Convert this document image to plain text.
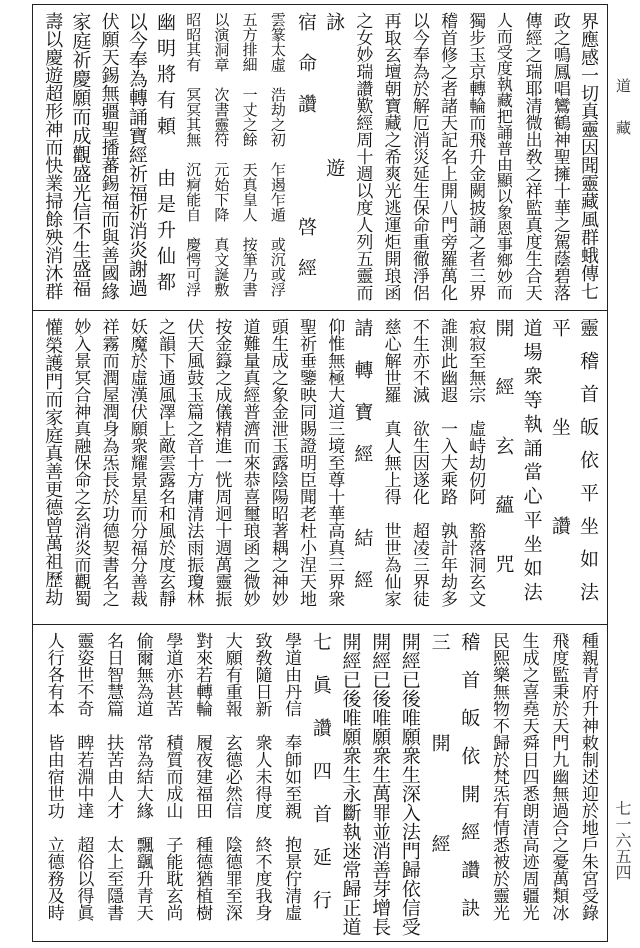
道
藏
七一六五四
界應感一切真靈因聞靈藏風群蛾傳七
政之鳴鳳唱鸞鶴神聖擁十華之駕蔭碧落
傳經之瑞耶清微出敎之祥監真度生合天
人而受度執藏把誦普由顯以象恩事鄉妙而
獨步玉京轉輪而飛升金闕披誦之者三界
稽首修之者諸天記名上開八門旁羅萬化
以今奉為於解厄消災延生保命重徹淨侶
再取玄壇朝寶藏之希爽光逃運炬開琅函
之女妙瑞讚歎經周十週以度人列五靈而
詠遊
宿命讚　　啓經
雲篆太虛　浩劫之初　乍遏乍遁　或沉或浮
五方排細　一丈之餘　天真皇人　按筆乃書
以演洞章　次書靈符　元始下降　真文誕敷
昭昭其有　冥冥其無　沉痾能自　慶愕可浮
幽明將有頼　由是升仙都
以今奉為轉誦寶經祈福祈消炎謝過
伏願天錫無疆聖播蕃錫福而與善國緣
家庭祈慶願而成觀盛光信不生盛福
壽以慶遊超形神而快業掃餘殃消沐群
靈稽首皈依平坐如法
平坐讚
道場衆等執誦當心平坐如法
開經玄蘊咒
寂寂至無宗　虛峙劫仞阿　豁落洞玄文
誰測此幽遐　一入大乘路　孰計年劫多
不生亦不滅　欲生因遂化　超凌三界徒
慈心解世羅　真人無上得　世世為仙家
請轉寶經　結經
仰惟無極大道三境至尊十華高真三界衆
聖祈垂鑒映同賜證明臣聞老杜小涅天地
頭生成之象金泄玉露陰陽昭著耦之神妙
道難量真經普濟而來恭喜璽琅函之微妙
按金籙之成儀精進一恍周迥十週萬靈振
伏天風鼓玉篇之音十方庸清法雨振瓊林
之韻下通風澤上敵雲露名和風於度玄靜
妖魔於虛漢伏願衆耀景星而分福分善裁
祥霧而潤屋潤身為炁長於功德契書名之
妙入景冥合神真融保命之玄消炎而觀蜀
懽榮護門而家庭真善更德曾萬祖歷劫
種親青府升神敕制述迎於地戶朱宮受錄
飛度監秉於天門九幽無過合之憂萬類冰
生成之喜堯天舜日四悉朗清高迹周疆光
民熙樂無物不歸於梵炁有情悉被於靈光
稽首皈依開經讚訣
三開經
開經已後唯願衆生深入法門歸依信受
開經已後唯願衆生萬罪並消善芽增長
開經已後唯願衆生永斷執迷常歸正道
七眞讚四首延行
學道由丹信　奉師如至親　抱景佇清虛
致敎隨日新　衆人未得度　終不度我身
大願有重報　玄德必然信　陰德罪至深
對來若轉輪　履夜建福田　種德猶植樹
學道亦甚苦　積質而成山　子能耽玄尚
偷爾無為道　常為結大緣　飄颻升青天
名日智慧篇　扶苦由人才　太上至隱書
靈姿世不奇　睥若淵中達　超俗以得眞
人行各有本　皆由宿世功　立德務及時
